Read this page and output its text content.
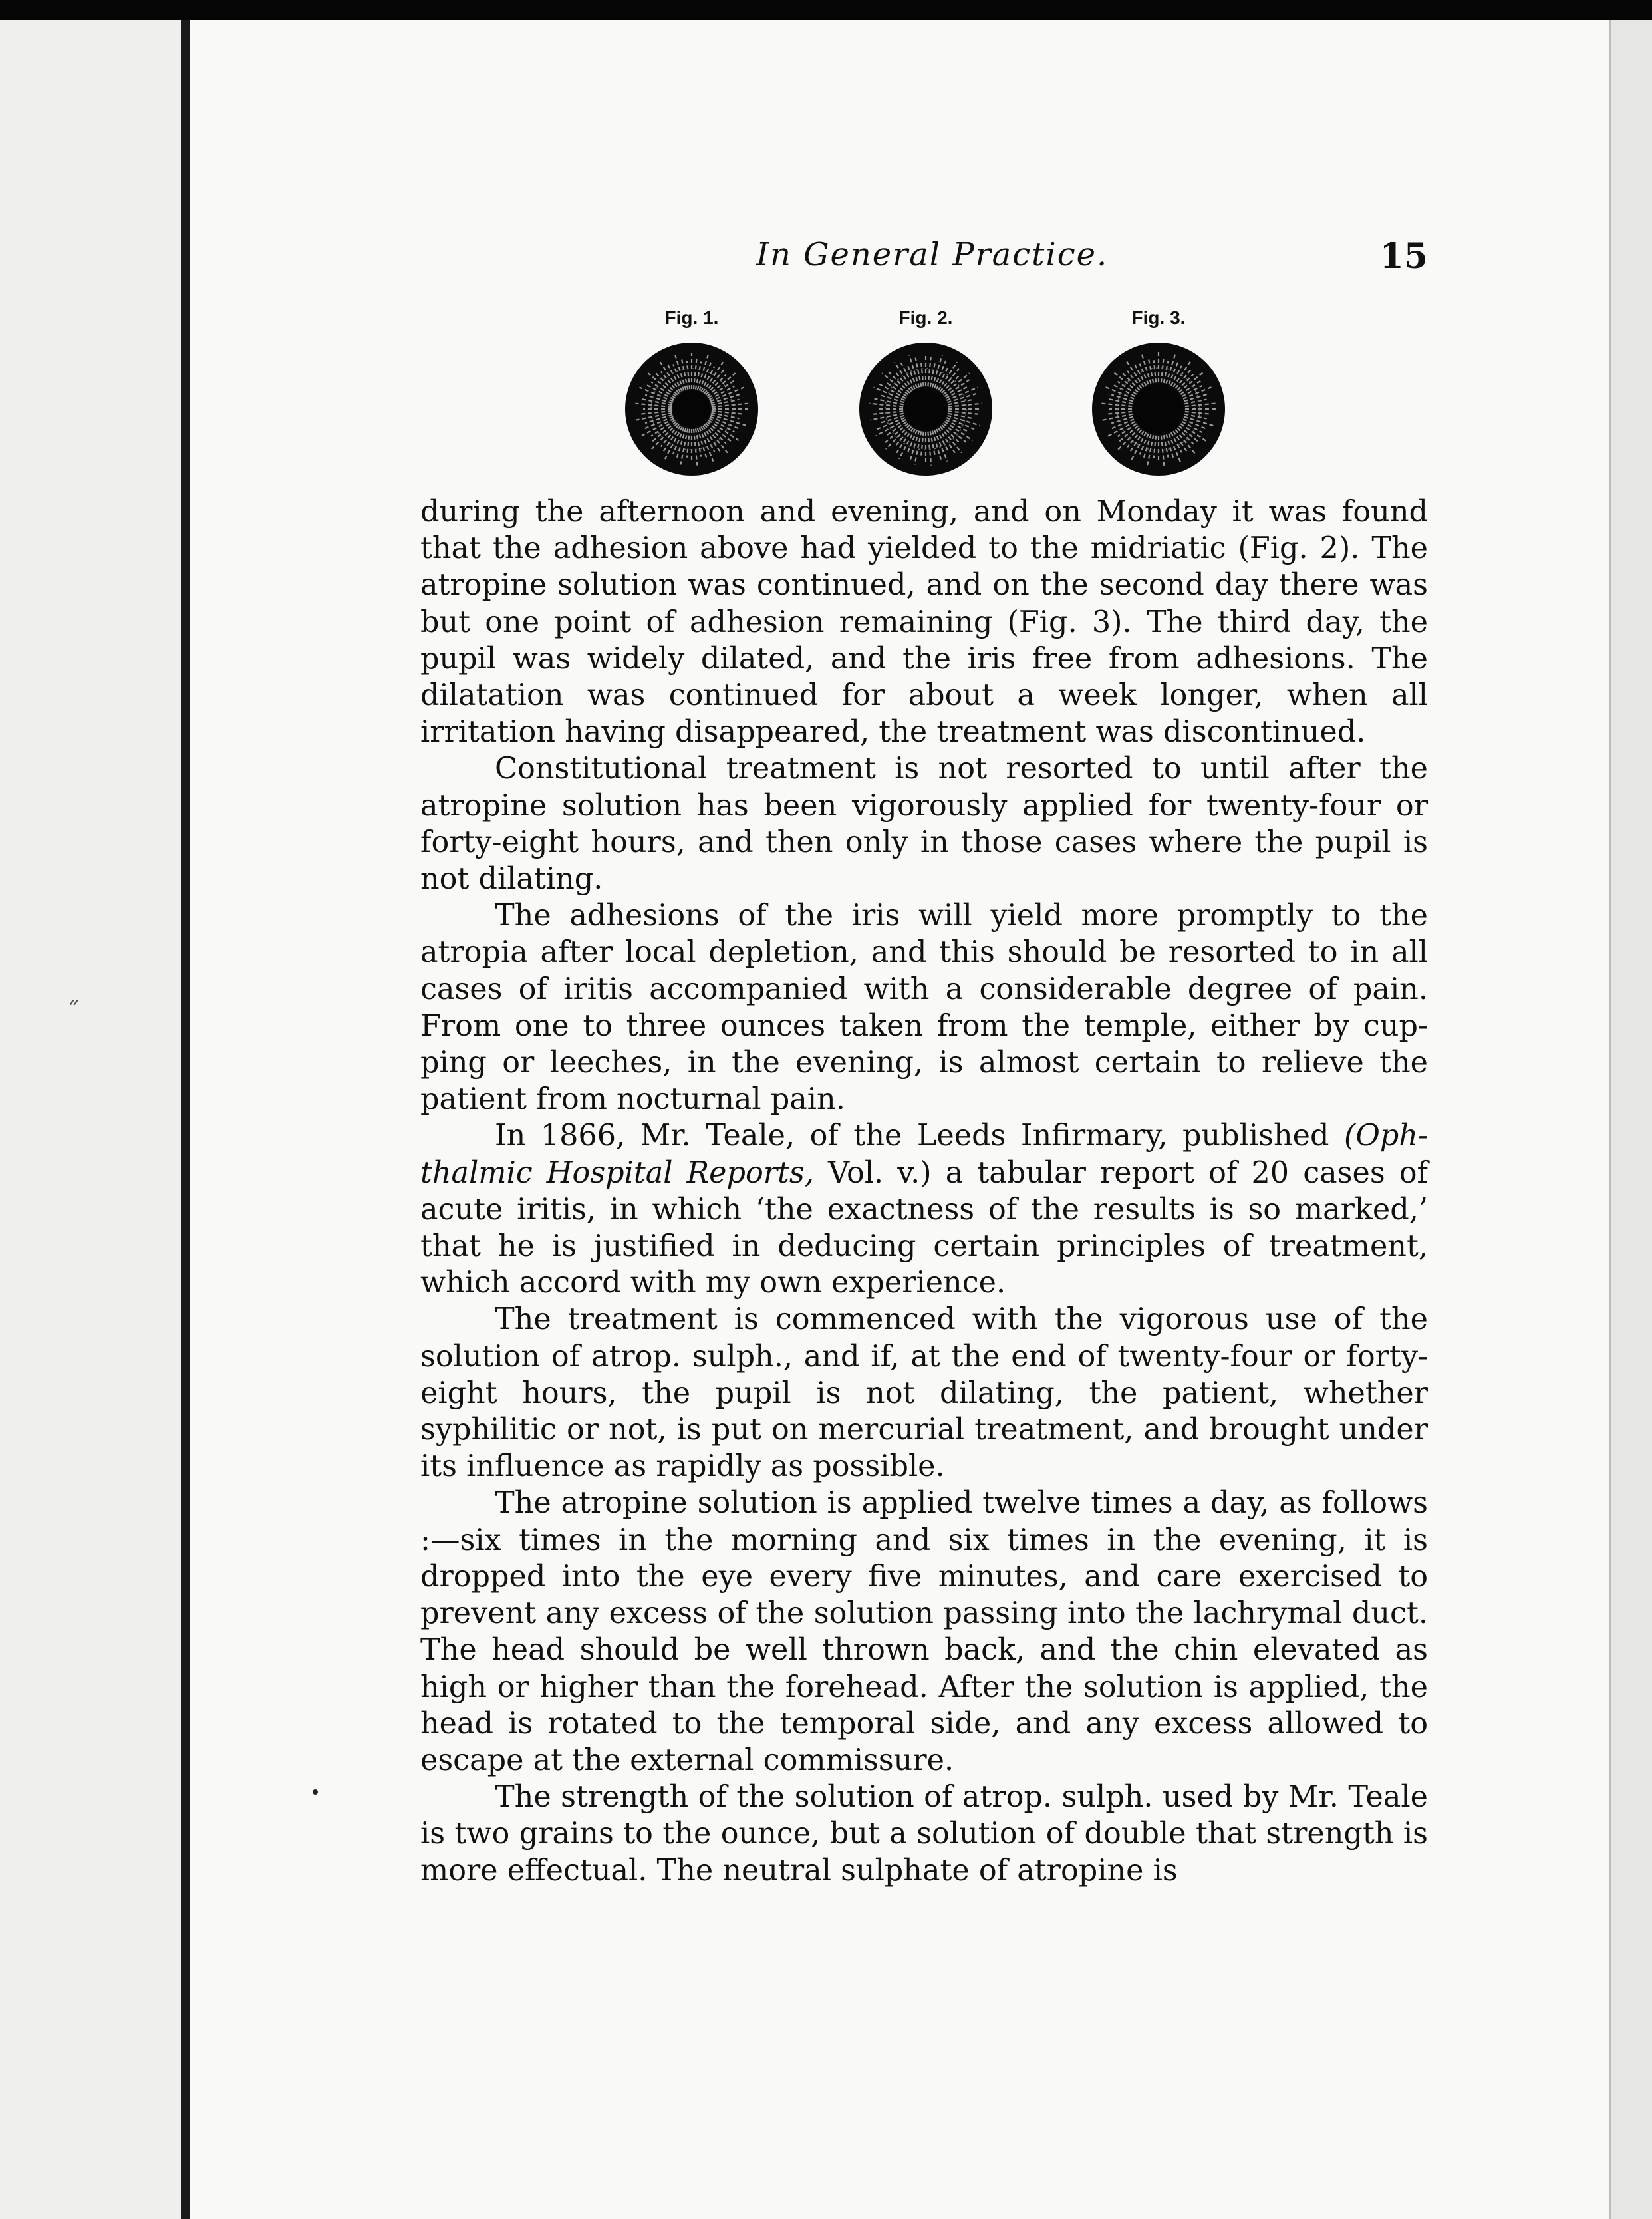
˝
In General Practice.	15
Fig. 1.	Fig. 2.	Fig. 3.

during the afternoon and evening, and on Monday it was found that the adhesion above had yielded to the midriatic (Fig. 2). The atropine solution was continued, and on the second day there was but one point of adhesion remaining (Fig. 3). The third day, the pupil was widely dilated, and the iris free from adhesions. The dilatation was continued for about a week longer, when all irritation having disappeared, the treatment was discontinued.

Constitutional treatment is not resorted to until after the atropine solution has been vigorously applied for twenty-four or forty-eight hours, and then only in those cases where the pupil is not dilating.

The adhesions of the iris will yield more promptly to the atropia after local depletion, and this should be resorted to in all cases of iritis accompanied with a considerable degree of pain. From one to three ounces taken from the temple, either by cupping or leeches, in the evening, is almost certain to relieve the patient from nocturnal pain.

In 1866, Mr. Teale, of the Leeds Infirmary, published (Ophthalmic Hospital Reports, Vol. v.) a tabular report of 20 cases of acute iritis, in which ‘the exactness of the results is so marked,’ that he is justified in deducing certain principles of treatment, which accord with my own experience.

The treatment is commenced with the vigorous use of the solution of atrop. sulph., and if, at the end of twenty-four or forty-eight hours, the pupil is not dilating, the patient, whether syphilitic or not, is put on mercurial treatment, and brought under its influence as rapidly as possible.

The atropine solution is applied twelve times a day, as follows :—six times in the morning and six times in the evening, it is dropped into the eye every five minutes, and care exercised to prevent any excess of the solution passing into the lachrymal duct. The head should be well thrown back, and the chin elevated as high or higher than the forehead. After the solution is applied, the head is rotated to the temporal side, and any excess allowed to escape at the external commissure.

The strength of the solution of atrop. sulph. used by Mr. Teale is two grains to the ounce, but a solution of double that strength is more effectual. The neutral sulphate of atropine is
